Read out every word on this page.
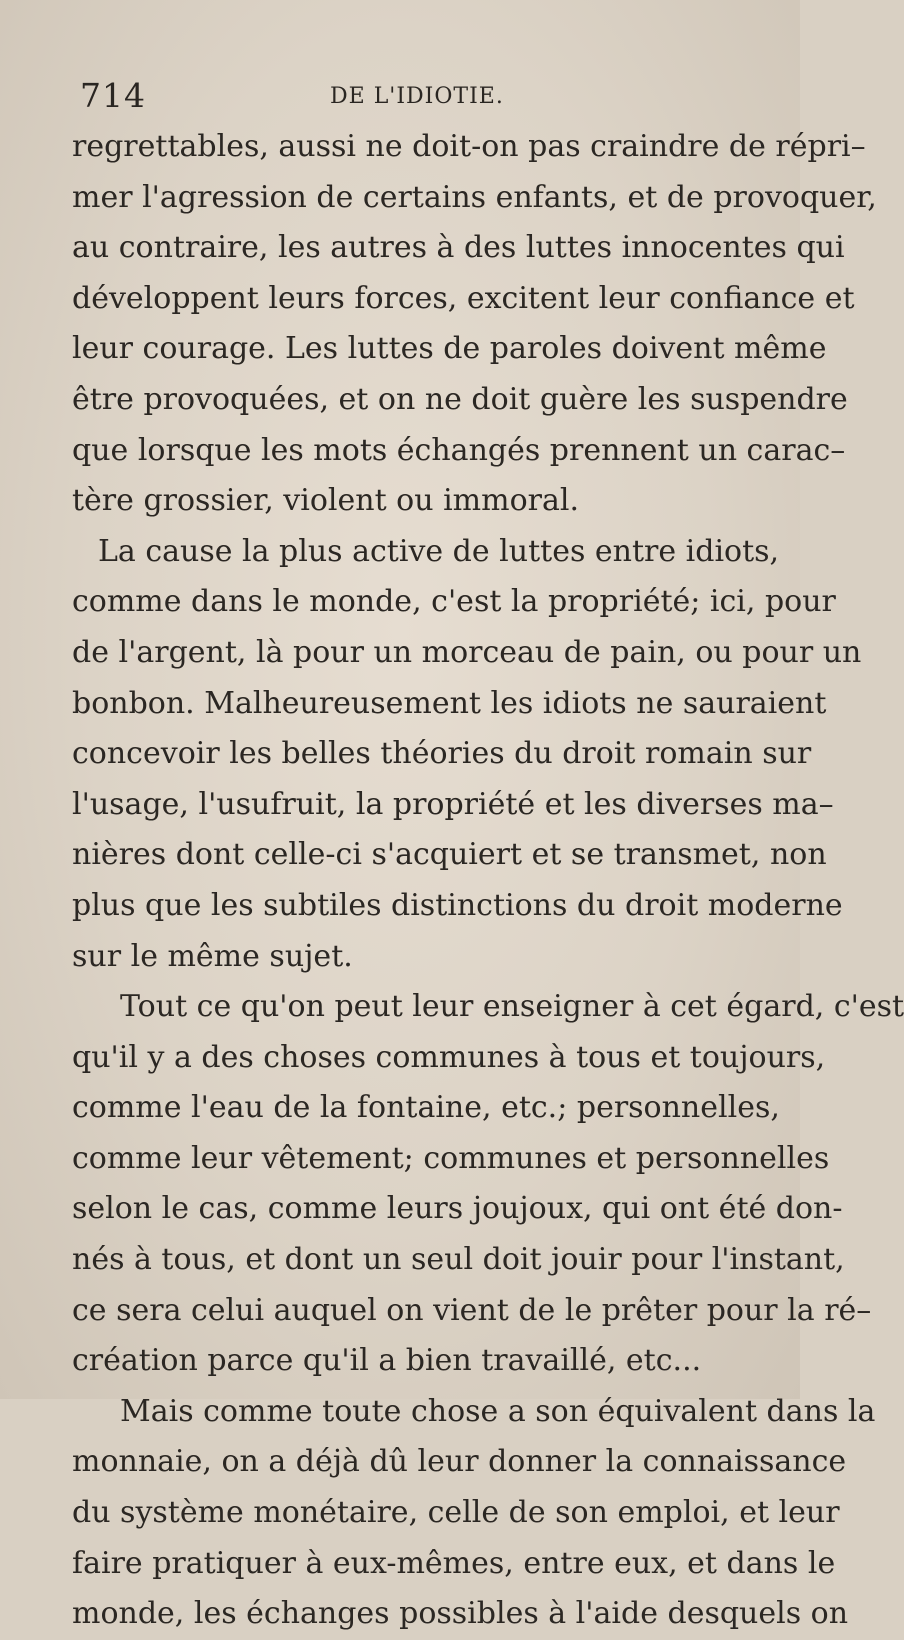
714	DE L'IDIOTIE.
regrettables, aussi ne doit-on pas craindre de répri–
mer l'agression de certains enfants, et de provoquer,
au contraire, les autres à des luttes innocentes qui
développent leurs forces, excitent leur confiance et
leur courage. Les luttes de paroles doivent même
être provoquées, et on ne doit guère les suspendre
que lorsque les mots échangés prennent un carac–
tère grossier, violent ou immoral.
La cause la plus active de luttes entre idiots,
comme dans le monde, c'est la propriété; ici, pour
de l'argent, là pour un morceau de pain, ou pour un
bonbon. Malheureusement les idiots ne sauraient
concevoir les belles théories du droit romain sur
l'usage, l'usufruit, la propriété et les diverses ma–
nières dont celle-ci s'acquiert et se transmet, non
plus que les subtiles distinctions du droit moderne
sur le même sujet.
Tout ce qu'on peut leur enseigner à cet égard, c'est
qu'il y a des choses communes à tous et toujours,
comme l'eau de la fontaine, etc.; personnelles,
comme leur vêtement; communes et personnelles
selon le cas, comme leurs joujoux, qui ont été don-
nés à tous, et dont un seul doit jouir pour l'instant,
ce sera celui auquel on vient de le prêter pour la ré–
création parce qu'il a bien travaillé, etc...
Mais comme toute chose a son équivalent dans la
monnaie, on a déjà dû leur donner la connaissance
du système monétaire, celle de son emploi, et leur
faire pratiquer à eux-mêmes, entre eux, et dans le
monde, les échanges possibles à l'aide desquels on
